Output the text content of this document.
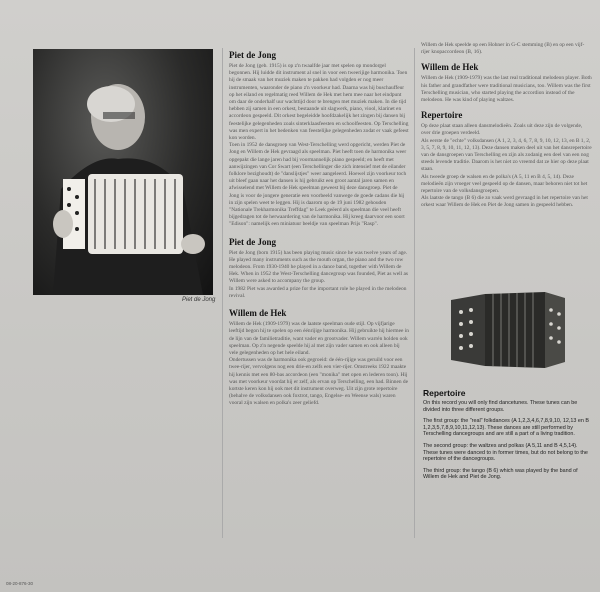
Piet de Jong
Piet de Jong

Piet de Jong (geb. 1915) is op z'n twaalfde jaar met spelen op mondorgel begonnen. Hij luidde dit instrument al snel in voor een tweerijige harmonika. Toen hij de smaak van het muziek maken te pakken had volgden er nog meer instrumenten, waaronder de piano z'n voorkeur had. Daarna was hij buschauffeur op het eiland en regelmatig reed Willem de Hek met hem mee naar het eindpunt om daar de onderhalf uur wachttijd door te brengen met muziek maken. In die tijd hebben zij samen in een orkest, bestaande uit slagwerk, piano, viool, klarinet en accordeon gespeeld. Dit orkest begeleidde hoofdzakelijk het zingen bij dansen bij feestelijke gelegenheden zoals sinterklaasfeesten en schoolfeesten. Op Terschelling was men expert in het bedenken van feestelijke gelegenheden zodat er vaak gefeest kon worden.

Toen in 1952 de dansgroep van West-Terschelling werd opgericht, werden Piet de Jong en Willem de Hek gevraagd als speelman. Piet heeft toen de harmonika weer opgepakt die lange jaren had bij voormannelijk piano gespeeld; en heeft met aanwijzingen van Cor Swart (een Terschellinger die zich intensief met de eilander folklore bezighoudt) de "danslijstjes" weer aangeleerd. Hoewel zijn voorkeur toch uit bleef gaan naar het dansen is hij gebruikt een groot aantal jaren samen en afwisselend met Willem de Hek speelman geweest bij deze dansgroep. Piet de Jong is voor de jongere generatie een voorbeeld vanwege de goede cadans die hij in zijn spelen weet te leggen. Hij is daarom op de 19 juni 1982 gehouden "Nationale Trekharmonika Treffdag" te Leek geëerd als speelman die veel heeft bijgedragen tot de herwaardering van de harmonika. Hij kreeg daarvoor een soort "Edison": namelijk een miniatuur beeldje van speelman Prijs "Rasp".

Piet de Jong

Piet de Jong (born 1915) has been playing music since he was twelve years of age. He played many instruments such as the mouth organ, the piano and the two row melodeon. From 1930-1940 he played in a dance band, together with Willem de Hek. When in 1952 the West-Terschelling dancegroup was founded, Piet as well as Willem were asked to accompany the group.

In 1982 Piet was awarded a prize for the important role he played in the melodeon revival.

Willem de Hek

Willem de Hek (1909-1979) was de laatste speelman oude stijl. Op vijfjarige leeftijd begon hij te spelen op een éénrijige harmonika. Hij gebruikte hij hiermee in de lijn van de familietraditie, want vader en grootvader. Willem warrén holden ook speelman. Op z'n negende speelde hij al met zijn vader samen en ook alleen bij vele gelegenheden op het hele eiland.

Ondertussen was de harmonika ook gegroeid: de één-rijige was geruild voor een twee-rijer, vervolgens nog een drie-en zelfs een vier-rijer. Omstreeks 1922 maakte hij kennis met een 80-bas accordeon (een "monika" met open en lederen toon). Hij was met voorkeur voordat hij er zelf, als ervan op Terschelling, een had. Binnen de kortste keren kon hij ook met dit instrument overweg. Uit zijn grote repertoire (behalve de volksdansen ook foxtrot, tango, Engelse- en Weense wals) waren vooral zijn walsen en polka's zeer geliefd.

Willem de Hek speelde op een Hohner in G-C stemming (B) en op een vijf-rijer knopaccordeon (B, 16).

Willem de Hek

Willem de Hek (1909-1979) was the last real traditional melodeon player. Both his father and grandfather were traditional musicians, too. Willem was the first Terschelling musician, who started playing the accordion instead of the melodeon. He was kind of playing waltzes.

Repertoire

Op deze plaat staan alleen dansmelodieën. Zoals uit deze zijn de volgende, over drie groepen verdeeld.

Als eerste de "echte" volksdansen (A 1, 2, 3, 4, 6, 7, 8, 9, 10, 12, 13, en B 1, 2, 3, 5, 7, 8, 9, 10, 11, 12, 13). Deze dansen maken deel uit van het dansrepertoire van de dansgroepen van Terschelling en zijn als zodanig een deel van een nog steeds levende traditie. Daarom is het niet zo vreemd dat ze hier op deze plaat staan.

Als tweede groep de walsen en de polka's (A 5, 11 en B 4, 5, 14). Deze melodieën zijn vroeger veel gespeeld op de dansen, maar behoren niet tot het repertoire van de volksdansgroepen.

Als laatste de tango (B 6) die zo vaak werd gevraagd in het repertoire van het orkest waar Willem de Hek en Piet de Jong samen in gespeeld hebben.

Repertoire

On this record you will only find dancetunes. These tunes can be divided into three different groups.

The first group: the "real" folkdances (A 1,2,3,4,6,7,8,9,10, 12,13 en B 1,2,3,5,7,8,9,10,11,12,13). These dances are still performed by Terschelling dancegroups and are still a part of a living tradition.

The second group: the waltzes and polkas (A 5,11 and B 4,5,14). These tunes were danced to in former times, but do not belong to the repertoire of the dancegroups.

The third group: the tango (B 6) which was played by the band of Willem de Hek and Piet de Jong.

08-20-876-30
